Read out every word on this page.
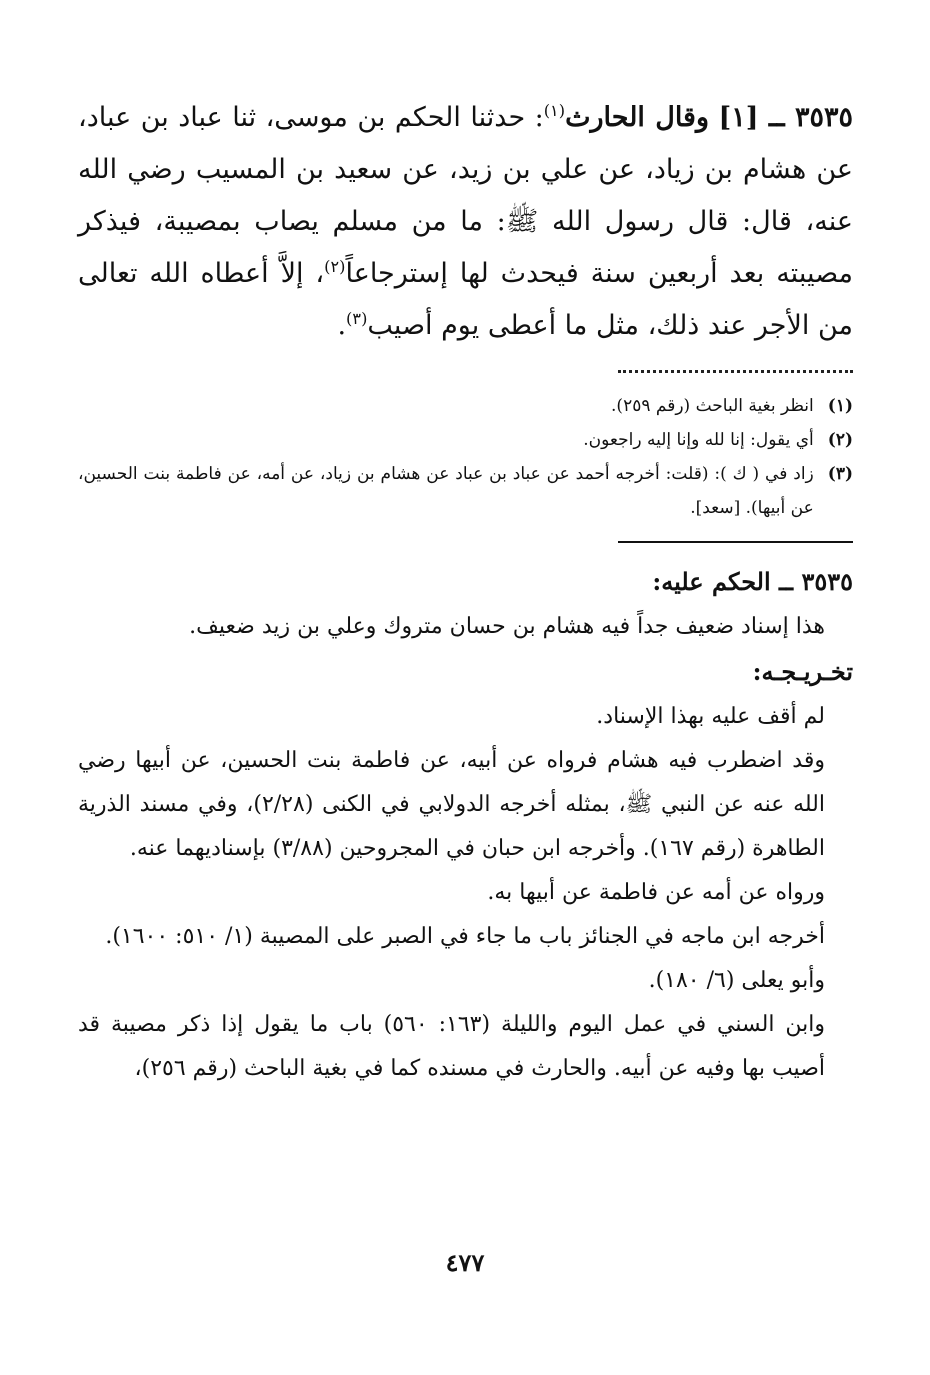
٣٥٣٥ ــ [١] وقال الحارث$^{(١)}$: حدثنا الحكم بن موسى، ثنا عباد بن عباد، عن هشام بن زياد، عن علي بن زيد، عن سعيد بن المسيب رضي الله عنه، قال: قال رسول الله ﷺ: ما من مسلم يصاب بمصيبة، فيذكر مصيبته بعد أربعين سنة فيحدث لها إسترجاعاً$^{(٢)}$، إلاَّ أعطاه الله تعالى من الأجر عند ذلك، مثل ما أعطى يوم أصيب$^{(٣)}$.

(١)
انظر بغية الباحث (رقم ٢٥٩).
(٢)
أي يقول: إنا لله وإنا إليه راجعون.
(٣)
زاد في ( ك ): (قلت: أخرجه أحمد عن عباد بن عباد عن هشام بن زياد، عن أمه، عن فاطمة بنت الحسين، عن أبيها). [سعد].
٣٥٣٥ ــ الحكم عليه:

هذا إسناد ضعيف جداً فيه هشام بن حسان متروك وعلي بن زيد ضعيف.

تخـريـجـه:

لم أقف عليه بهذا الإسناد.

وقد اضطرب فيه هشام فرواه عن أبيه، عن فاطمة بنت الحسين، عن أبيها رضي الله عنه عن النبي ﷺ، بمثله أخرجه الدولابي في الكنى (٢/٢٨)، وفي مسند الذرية الطاهرة (رقم ١٦٧). وأخرجه ابن حبان في المجروحين (٣/٨٨) بإسناديهما عنه.

ورواه عن أمه عن فاطمة عن أبيها به.

أخرجه ابن ماجه في الجنائز باب ما جاء في الصبر على المصيبة (١/ ٥١٠: ١٦٠٠).

وأبو يعلى (٦/ ١٨٠).

وابن السني في عمل اليوم والليلة (١٦٣: ٥٦٠) باب ما يقول إذا ذكر مصيبة قد أصيب بها وفيه عن أبيه. والحارث في مسنده كما في بغية الباحث (رقم ٢٥٦)،

٤٧٧
